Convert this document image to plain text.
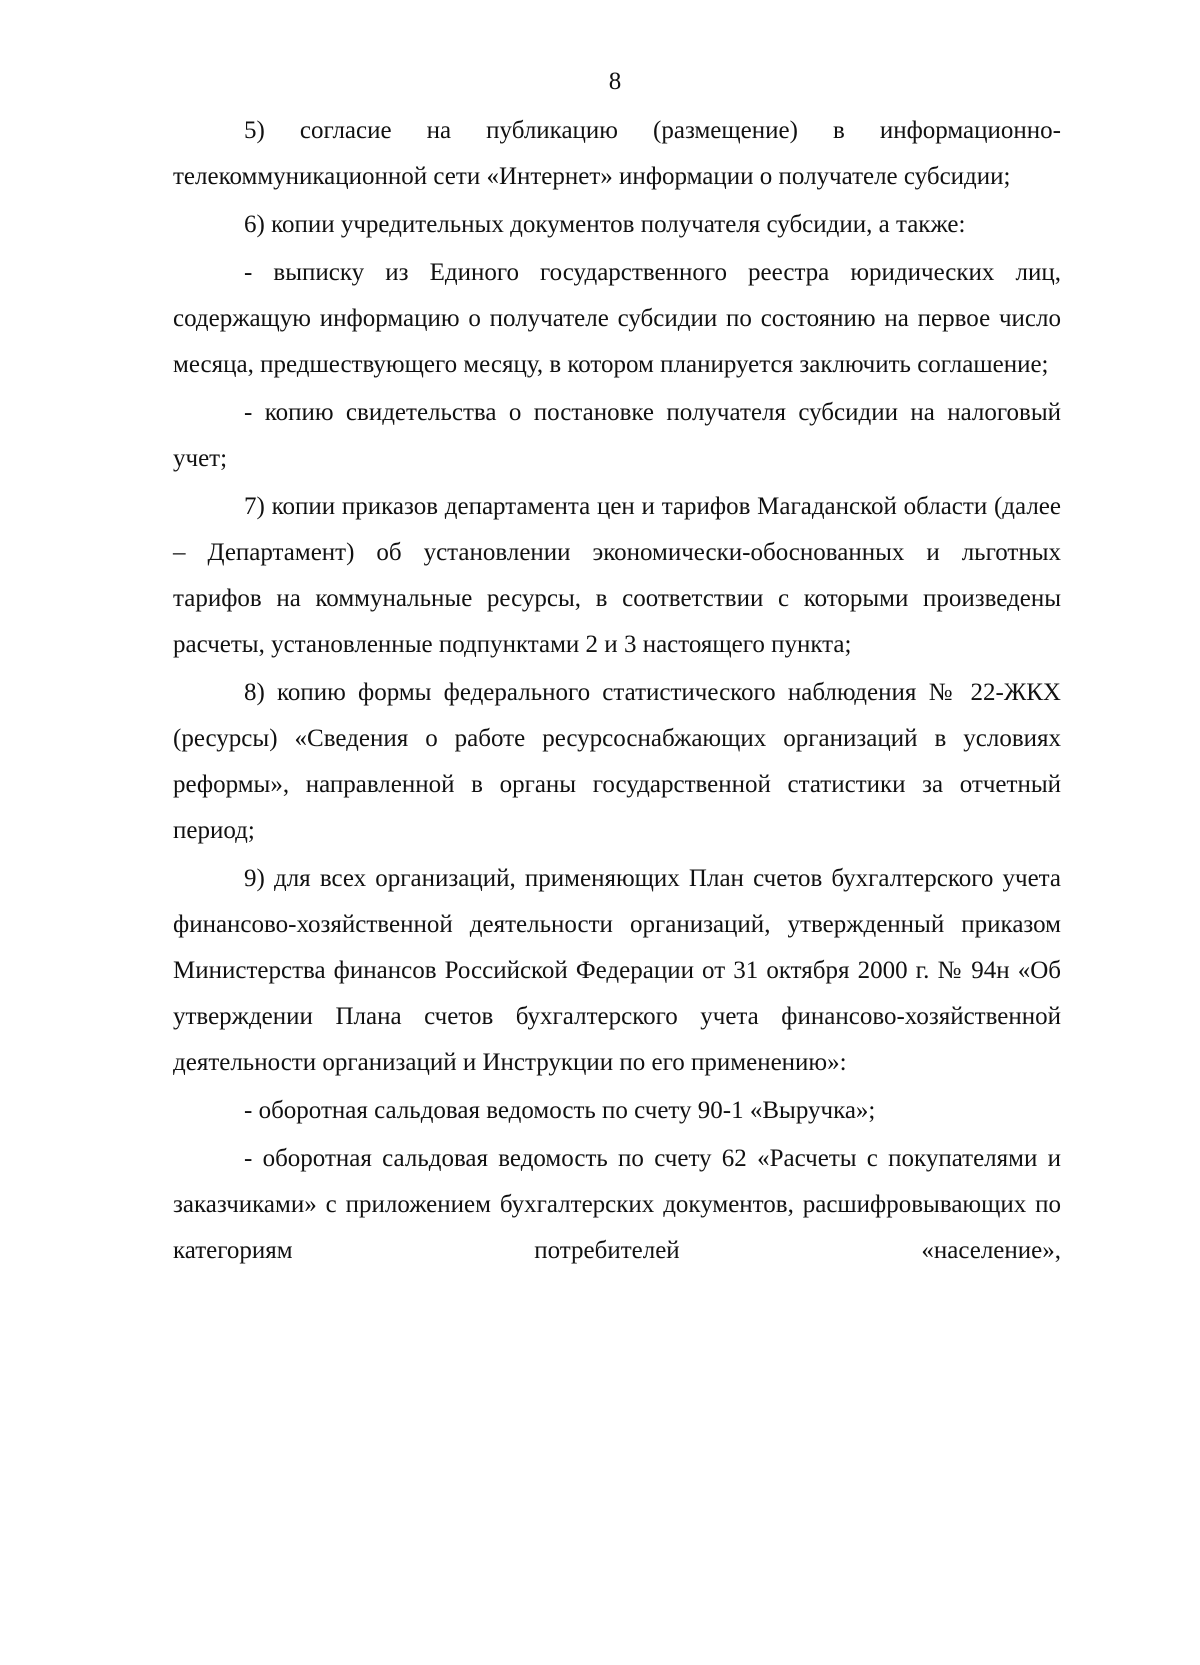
8

5) согласие на публикацию (размещение) в информационно-телекоммуникационной сети «Интернет» информации о получателе субсидии;

6) копии учредительных документов получателя субсидии, а также:

- выписку из Единого государственного реестра юридических лиц, содержащую информацию о получателе субсидии по состоянию на первое число месяца, предшествующего месяцу, в котором планируется заключить соглашение;

- копию свидетельства о постановке получателя субсидии на налоговый учет;

7) копии приказов департамента цен и тарифов Магаданской области (далее – Департамент) об установлении экономически-обоснованных и льготных тарифов на коммунальные ресурсы, в соответствии с которыми произведены расчеты, установленные подпунктами 2 и 3 настоящего пункта;

8) копию формы федерального статистического наблюдения № 22-ЖКХ (ресурсы) «Сведения о работе ресурсоснабжающих организаций в условиях реформы», направленной в органы государственной статистики за отчетный период;

9) для всех организаций, применяющих План счетов бухгалтерского учета финансово-хозяйственной деятельности организаций, утвержденный приказом Министерства финансов Российской Федерации от 31 октября 2000 г. № 94н «Об утверждении Плана счетов бухгалтерского учета финансово-хозяйственной деятельности организаций и Инструкции по его применению»:

- оборотная сальдовая ведомость по счету 90-1 «Выручка»;

- оборотная сальдовая ведомость по счету 62 «Расчеты с покупателями и заказчиками» с приложением бухгалтерских документов, расшифровывающих по категориям потребителей «население»,
